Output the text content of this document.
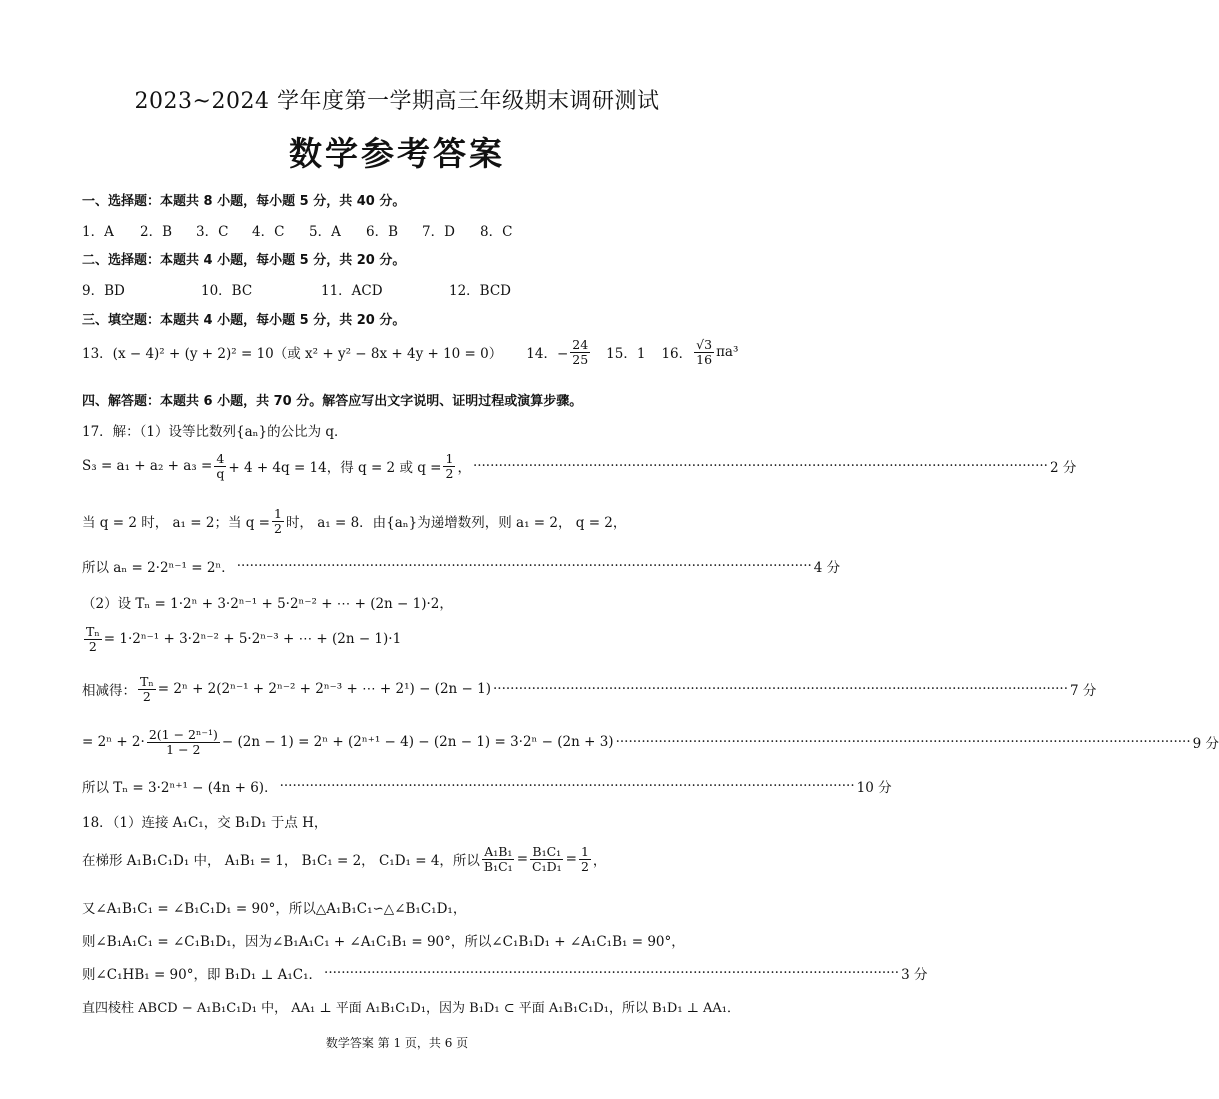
2023~2024 学年度第一学期高三年级期末调研测试
数学参考答案
一、选择题：本题共 8 小题，每小题 5 分，共 40 分。
1．A 2．B 3．C 4．C 5．A 6．B 7．D 8．C
二、选择题：本题共 4 小题，每小题 5 分，共 20 分。
9．BD	10．BC	11．ACD	12．BCD
三、填空题：本题共 4 小题，每小题 5 分，共 20 分。
13．(x − 4)² + (y + 2)² = 10（或 x² + y² − 8x + 4y + 10 = 0） 14．− $\frac{24}{25} 15$．1 16． $\frac{√3}{16} \pi a^3$
四、解答题：本题共 6 小题，共 70 分。解答应写出文字说明、证明过程或演算步骤。
17．解：（1）设等比数列{aₙ}的公比为 q．
$S_3 = a_1 + a_2 + a_3 = \frac{4}{q} + 4 + 4q = 14$，得 q = 2 或 $q = \frac{1}{2}$ ， ······································································································································ 2 分
当 q = 2 时， a₁ = 2；当 $q = \frac{1}{2}$ 时， a₁ = 8．由{aₙ}为递增数列，则 a₁ = 2， q = 2，
所以 aₙ = 2·2ⁿ⁻¹ = 2ⁿ． ······································································································································ 4 分
（2）设 Tₙ = 1·2ⁿ + 3·2ⁿ⁻¹ + 5·2ⁿ⁻² + ⋯ + (2n − 1)·2，
$\frac{\text{Tₙ}}{2} = 1\cdot 2^{n-1} + 3\cdot 2^{n-2} + 5\cdot 2^{n-3}$ + ⋯ + (2n − 1)·1
相减得： $\frac{\text{Tₙ}}{2} = 2^n + 2(2^{n-1} + 2^{n-2} + 2^{n-3}$ + ⋯ + 2¹) − (2n − 1) ······································································································································ 7 分
= $2^n + 2\cdot \frac{\text{2(1 − 2ⁿ⁻¹)}}{1 - 2} - (2n - 1) = 2^n + (2^{n+1} - 4) - (2n - 1) = 3\cdot 2^n - (2n + 3)$ ······································································································································ 9 分
所以 Tₙ = 3·2ⁿ⁺¹ − (4n + 6)． ······································································································································ 10 分
18．（1）连接 A₁C₁，交 B₁D₁ 于点 H，
在梯形 A₁B₁C₁D₁ 中， A₁B₁ = 1， B₁C₁ = 2， C₁D₁ = 4，所以 $\frac{\text{A₁B₁}}{\text{B₁C₁}} = \frac{\text{B₁C₁}}{\text{C₁D₁}} = \frac{1}{2}$ ，
又∠A₁B₁C₁ = ∠B₁C₁D₁ = 90°，所以△A₁B₁C₁∽△∠B₁C₁D₁，
则∠B₁A₁C₁ = ∠C₁B₁D₁，因为∠B₁A₁C₁ + ∠A₁C₁B₁ = 90°，所以∠C₁B₁D₁ + ∠A₁C₁B₁ = 90°，
则∠C₁HB₁ = 90°，即 B₁D₁ ⊥ A₁C₁． ······································································································································ 3 分
直四棱柱 ABCD − A₁B₁C₁D₁ 中， AA₁ ⊥ 平面 A₁B₁C₁D₁，因为 B₁D₁ ⊂ 平面 A₁B₁C₁D₁，所以 B₁D₁ ⊥ AA₁．
数学答案 第 1 页，共 6 页
